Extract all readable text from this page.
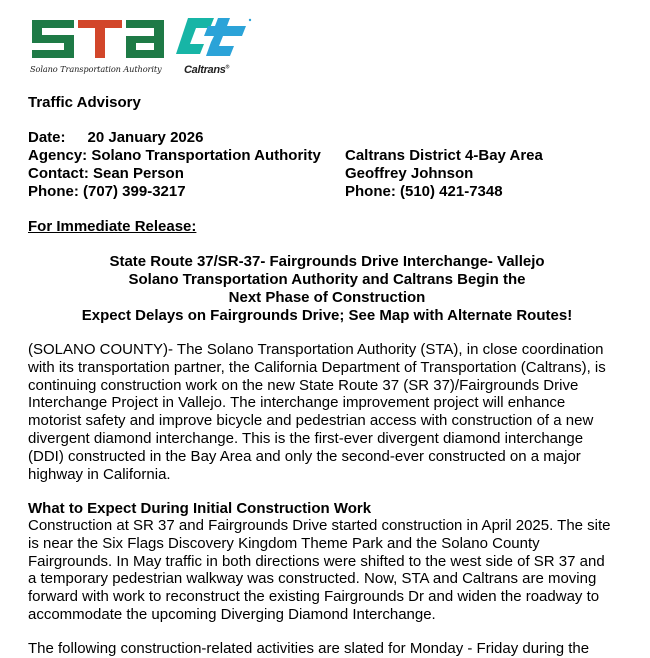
Solano Transportation Authority Caltrans®
Traffic Advisory
Date: 20 January 2026
Agency: Solano Transportation Authority Caltrans District 4-Bay Area
Contact: Sean Person	Geoffrey Johnson
Phone: (707) 399-3217	Phone: (510) 421-7348
For Immediate Release:
State Route 37/SR-37- Fairgrounds Drive Interchange- Vallejo
Solano Transportation Authority and Caltrans Begin the
Next Phase of Construction
Expect Delays on Fairgrounds Drive; See Map with Alternate Routes!
(SOLANO COUNTY)- The Solano Transportation Authority (STA), in close coordination
with its transportation partner, the California Department of Transportation (Caltrans), is
continuing construction work on the new State Route 37 (SR 37)/Fairgrounds Drive
Interchange Project in Vallejo. The interchange improvement project will enhance
motorist safety and improve bicycle and pedestrian access with construction of a new
divergent diamond interchange. This is the first-ever divergent diamond interchange
(DDI) constructed in the Bay Area and only the second-ever constructed on a major
highway in California.
What to Expect During Initial Construction Work
Construction at SR 37 and Fairgrounds Drive started construction in April 2025. The site
is near the Six Flags Discovery Kingdom Theme Park and the Solano County
Fairgrounds. In May traffic in both directions were shifted to the west side of SR 37 and
a temporary pedestrian walkway was constructed. Now, STA and Caltrans are moving
forward with work to reconstruct the existing Fairgrounds Dr and widen the roadway to
accommodate the upcoming Diverging Diamond Interchange.
The following construction-related activities are slated for Monday - Friday during the
